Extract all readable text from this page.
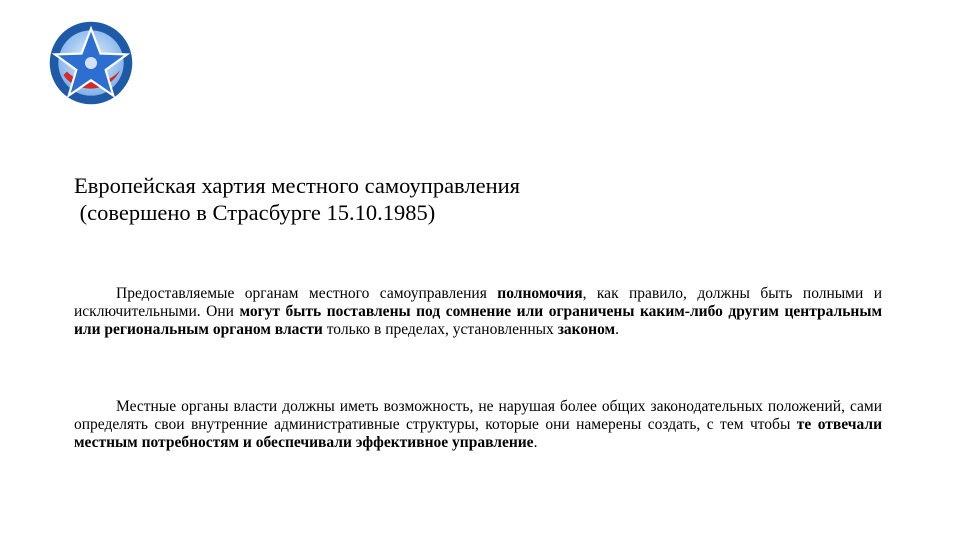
Европейская хартия местного самоуправления
(совершено в Страсбурге 15.10.1985)
Предоставляемые органам местного самоуправления полномочия, как правило, должны быть полными и исключительными. Они могут быть поставлены под сомнение или ограничены каким-либо другим центральным или региональным органом власти только в пределах, установленных законом.
Местные органы власти должны иметь возможность, не нарушая более общих законодательных положений, сами определять свои внутренние административные структуры, которые они намерены создать, с тем чтобы те отвечали местным потребностям и обеспечивали эффективное управление.
